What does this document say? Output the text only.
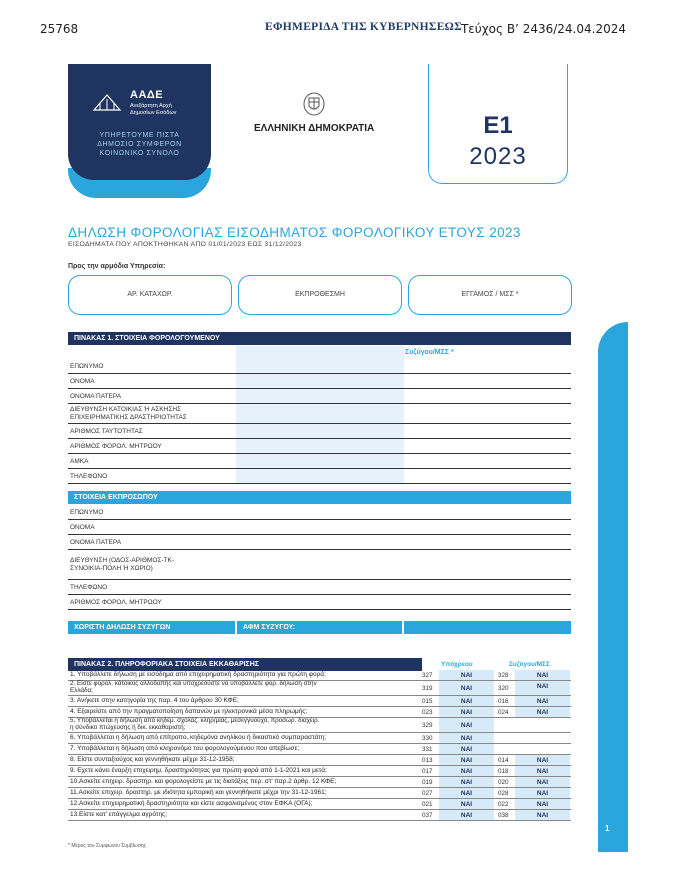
25768	ΕΦΗΜΕΡΙΔΑ ΤΗΣ ΚΥΒΕΡΝΗΣΕΩΣ
Τεύχος Β’ 2436/24.04.2024
ΑΑΔΕ
Ανεξάρτητη Αρχή Δημοσίων Εσόδων
ΥΠΗΡΕΤΟΥΜΕ ΠΙΣΤΑ
ΔΗΜΟΣΙΟ ΣΥΜΦΕΡΟΝ
ΚΟΙΝΩΝΙΚΟ ΣΥΝΟΛΟ
ΕΛΛΗΝΙΚΗ ΔΗΜΟΚΡΑΤΙΑ	E1
2023
ΔΗΛΩΣΗ ΦΟΡΟΛΟΓΙΑΣ ΕΙΣΟΔΗΜΑΤΟΣ ΦΟΡΟΛΟΓΙΚΟΥ ΕΤΟΥΣ 2023
ΕΙΣΟΔΗΜΑΤΑ ΠΟΥ ΑΠΟΚΤΗΘΗΚΑΝ ΑΠΟ 01/01/2023 ΕΩΣ 31/12/2023
Προς την αρμόδια Υπηρεσία:
ΑΡ. ΚΑΤΑΧΩΡ.	ΕΚΠΡΟΘΕΣΜΗ	ΕΓΓΑΜΟΣ / ΜΣΣ *
ΠΙΝΑΚΑΣ 1. ΣΤΟΙΧΕΙΑ ΦΟΡΟΛΟΓΟΥΜΕΝΟΥ
Συζύγου/ΜΣΣ *
ΕΠΩΝΥΜΟ
ΟΝΟΜΑ
ΟΝΟΜΑ ΠΑΤΕΡΑ
ΔΙΕΥΘΥΝΣΗ ΚΑΤΟΙΚΙΑΣ Ή ΑΣΚΗΣΗΣ
ΕΠΙΧΕΙΡΗΜΑΤΙΚΗΣ ΔΡΑΣΤΗΡΙΟΤΗΤΑΣ
ΑΡΙΘΜΟΣ ΤΑΥΤΟΤΗΤΑΣ
ΑΡΙΘΜΟΣ ΦΟΡΟΛ. ΜΗΤΡΩΟΥ
ΑΜΚΑ
ΤΗΛΕΦΩΝΟ
ΣΤΟΙΧΕΙΑ ΕΚΠΡΟΣΩΠΟΥ
ΕΠΩΝΥΜΟ
ΟΝΟΜΑ
ΟΝΟΜΑ ΠΑΤΕΡΑ
ΔΙΕΥΘΥΝΣΗ (ΟΔΟΣ-ΑΡΙΘΜΟΣ-ΤΚ-
ΣΥΝΟΙΚΙΑ-ΠΟΛΗ Ή ΧΩΡΙΟ)
ΤΗΛΕΦΩΝΟ
ΑΡΙΘΜΟΣ ΦΟΡΟΛ. ΜΗΤΡΩΟΥ
ΧΩΡΙΣΤΗ ΔΗΛΩΣΗ ΣΥΖΥΓΩΝ	ΑΦΜ ΣΥΖΥΓΟΥ:
ΠΙΝΑΚΑΣ 2. ΠΛΗΡΟΦΟΡΙΑΚΑ ΣΤΟΙΧΕΙΑ ΕΚΚΑΘΑΡΙΣΗΣ	Υπόχρεου	Συζύγου/ΜΣΣ
1. Υποβάλλετε δήλωση με εισόδημα από επιχειρηματική δραστηριότητα για πρώτη φορά;	327	ΝΑΙ	328	ΝΑΙ
2. Είστε φορολ. κάτοικος αλλοδαπής και υποχρεούστε να υποβάλλετε φορ. δήλωση στην
Ελλάδα;	319	ΝΑΙ	320	ΝΑΙ
3. Ανήκετε στην κατηγορία της παρ. 4 του άρθρου 30 ΚΦΕ;	015	ΝΑΙ	016	ΝΑΙ
4. Εξαιρείστε από την πραγματοποίηση δαπανών με ηλεκτρονικά μέσα πληρωμής;	023	ΝΑΙ	024	ΝΑΙ
5. Υποβάλλεται η δήλωση από κηδεμ. σχολάζ. κληρ/μίας, μεσεγγυούχο, προσωρ. διαχειρ.
η σύνδικο πτώχευσης ή δικ. εκκαθαριστή;	329	ΝΑΙ
6. Υποβάλλεται η δήλωση από επίτροπο, κηδεμόνα ανηλίκου ή δικαστικό συμπαραστάτη;	330	ΝΑΙ
7. Υποβάλλεται η δήλωση από κληρονόμο του φορολογούμενου που απεβίωσε;	331	ΝΑΙ
8. Είστε συνταξιούχος και γεννηθήκατε μέχρι 31-12-1958;	013	ΝΑΙ	014	ΝΑΙ
9. Εχετε κάνει έναρξη επιχειρημ. δραστηριότητας για πρώτη φορά από 1-1-2021 και μετά;	017	ΝΑΙ	018	ΝΑΙ
10.Ασκείτε επιχειρ. δραστηρ. και φορολογείστε με τις διατάξεις περ. στ' παρ.2 άρθρ. 12 ΚΦΕ;	019	ΝΑΙ	020	ΝΑΙ
11.Ασκείτε επιχειρ. δραστηρ. με ιδιότητα εμπορική και γεννηθήκατε μέχρι την 31-12-1961;	027	ΝΑΙ	028	ΝΑΙ
12.Ασκείτε επιχειρηματική δραστηριότητα και είστε ασφαλισμένος στον ΕΦΚΑ (ΟΓΑ);	021	ΝΑΙ	022	ΝΑΙ
13.Είστε κατ' επάγγελμα αγρότης;	037	ΝΑΙ	038	ΝΑΙ
1
* Μέρος του Συμφώνου Συμβίωσης
